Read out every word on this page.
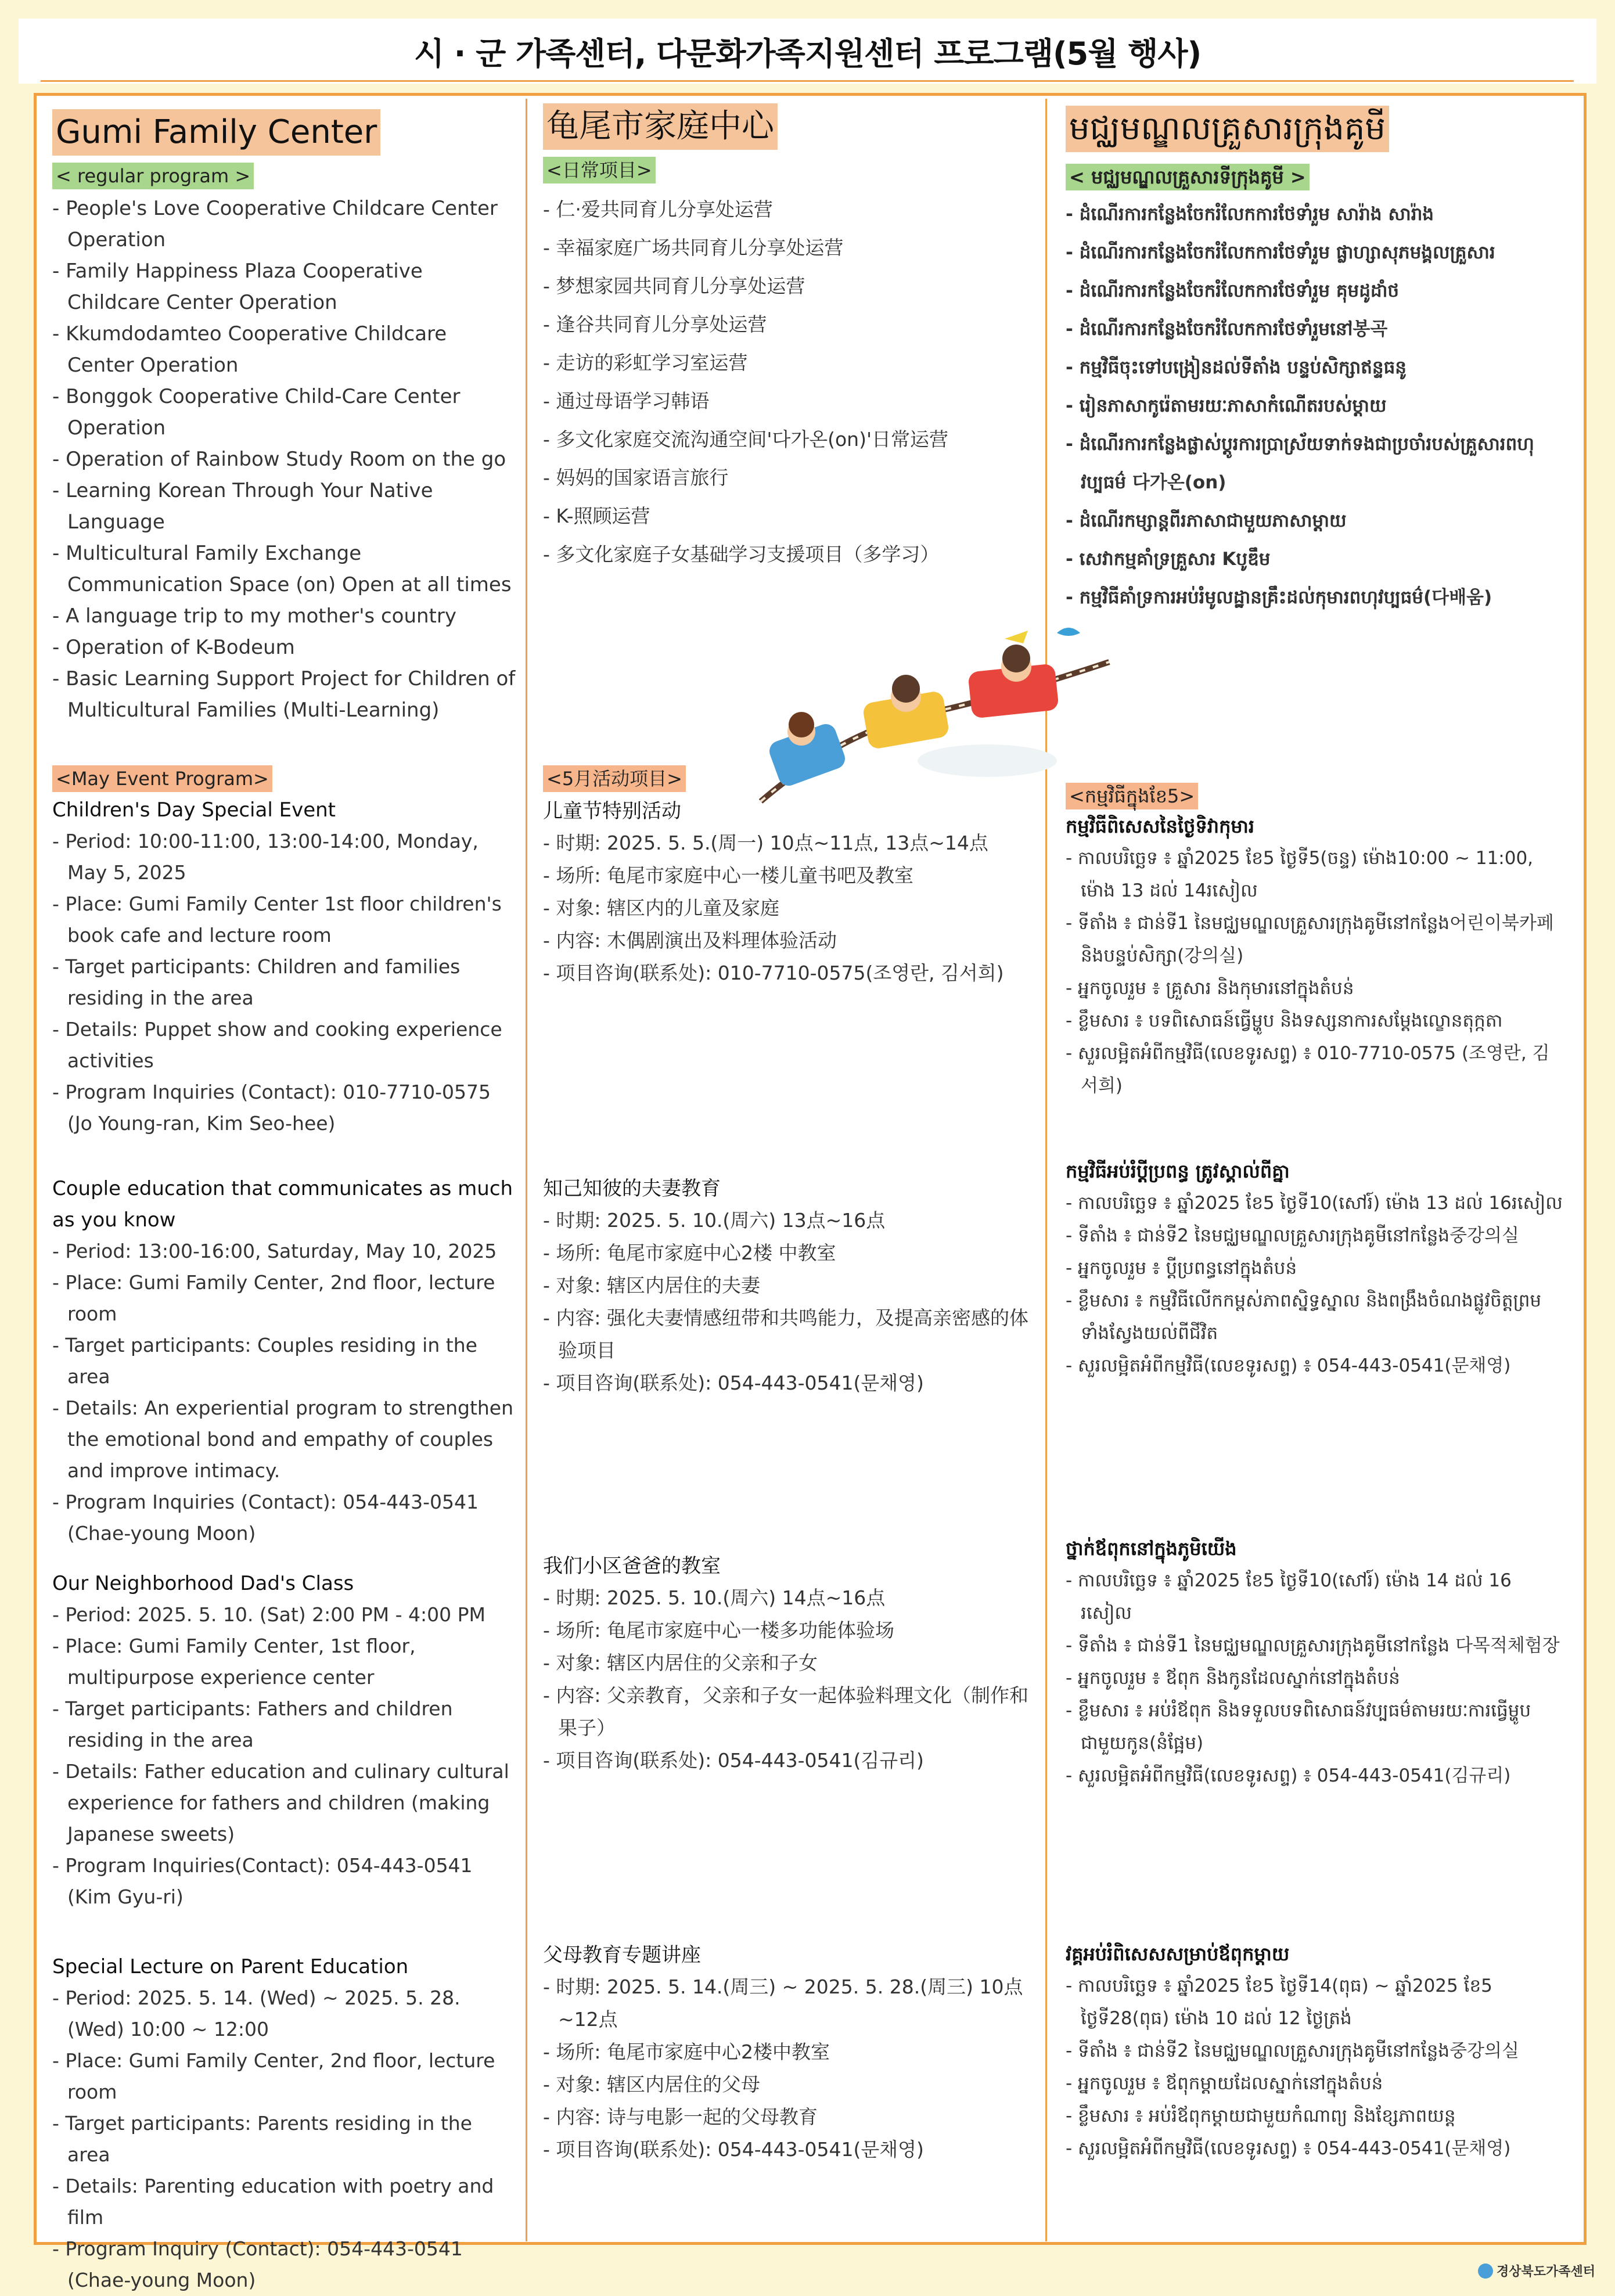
시 · 군 가족센터, 다문화가족지원센터 프로그램(5월 행사)
Gumi Family Center
< regular program >
- People's Love Cooperative Childcare Center Operation
- Family Happiness Plaza Cooperative Childcare Center Operation
- Kkumdodamteo Cooperative Childcare Center Operation
- Bonggok Cooperative Child-Care Center Operation
- Operation of Rainbow Study Room on the go
- Learning Korean Through Your Native Language
- Multicultural Family Exchange Communication Space (on) Open at all times
- A language trip to my mother's country
- Operation of K-Bodeum
- Basic Learning Support Project for Children of Multicultural Families (Multi-Learning)
<May Event Program>
Children's Day Special Event
- Period: 10:00-11:00, 13:00-14:00, Monday, May 5, 2025
- Place: Gumi Family Center 1st floor children's book cafe and lecture room
- Target participants: Children and families residing in the area
- Details: Puppet show and cooking experience activities
- Program Inquiries (Contact): 010-7710-0575 (Jo Young-ran, Kim Seo-hee)
Couple education that communicates as much as you know
- Period: 13:00-16:00, Saturday, May 10, 2025
- Place: Gumi Family Center, 2nd floor, lecture room
- Target participants: Couples residing in the area
- Details: An experiential program to strengthen the emotional bond and empathy of couples and improve intimacy.
- Program Inquiries (Contact): 054-443-0541 (Chae-young Moon)
Our Neighborhood Dad's Class
- Period: 2025. 5. 10. (Sat) 2:00 PM - 4:00 PM
- Place: Gumi Family Center, 1st floor, multipurpose experience center
- Target participants: Fathers and children residing in the area
- Details: Father education and culinary cultural experience for fathers and children (making Japanese sweets)
- Program Inquiries(Contact): 054-443-0541 (Kim Gyu-ri)
Special Lecture on Parent Education
- Period: 2025. 5. 14. (Wed) ~ 2025. 5. 28. (Wed) 10:00 ~ 12:00
- Place: Gumi Family Center, 2nd floor, lecture room
- Target participants: Parents residing in the area
- Details: Parenting education with poetry and film
- Program Inquiry (Contact): 054-443-0541 (Chae-young Moon)
龟尾市家庭中心
<日常项目>
- 仁·爱共同育儿分享处运营
- 幸福家庭广场共同育儿分享处运营
- 梦想家园共同育儿分享处运营
- 逢谷共同育儿分享处运营
- 走访的彩虹学习室运营
- 通过母语学习韩语
- 多文化家庭交流沟通空间'다가온(on)'日常运营
- 妈妈的国家语言旅行
- K-照顾运营
- 多文化家庭子女基础学习支援项目（多学习）
<5月活动项目>
儿童节特别活动
- 时期: 2025. 5. 5.(周一) 10点~11点, 13点~14点
- 场所: 龟尾市家庭中心一楼儿童书吧及教室
- 对象: 辖区内的儿童及家庭
- 内容: 木偶剧演出及料理体验活动
- 项目咨询(联系处): 010-7710-0575(조영란, 김서희)
知己知彼的夫妻教育
- 时期: 2025. 5. 10.(周六) 13点~16点
- 场所: 龟尾市家庭中心2楼 中教室
- 对象: 辖区内居住的夫妻
- 内容: 强化夫妻情感纽带和共鸣能力，及提高亲密感的体验项目
- 项目咨询(联系处): 054-443-0541(문채영)
我们小区爸爸的教室
- 时期: 2025. 5. 10.(周六) 14点~16点
- 场所: 龟尾市家庭中心一楼多功能体验场
- 对象: 辖区内居住的父亲和子女
- 内容: 父亲教育，父亲和子女一起体验料理文化（制作和果子）
- 项目咨询(联系处): 054-443-0541(김규리)
父母教育专题讲座
- 时期: 2025. 5. 14.(周三) ~ 2025. 5. 28.(周三) 10点~12点
- 场所: 龟尾市家庭中心2楼中教室
- 对象: 辖区内居住的父母
- 内容: 诗与电影一起的父母教育
- 项目咨询(联系处): 054-443-0541(문채영)
មជ្ឈមណ្ឌលគ្រួសារក្រុងគូមី
< មជ្ឈមណ្ឌលគ្រួសារទីក្រុងគូមី >
- ដំណើរការកន្លែងចែករំលែកការថែទាំរួម សារ៉ាង សារ៉ាង
- ដំណើរការកន្លែងចែករំលែកការថែទាំរួម ផ្លាហ្សាសុភមង្គលគ្រួសារ
- ដំណើរការកន្លែងចែករំលែកការថែទាំរួម គុមដូដាំថ
- ដំណើរការកន្លែងចែករំលែកការថែទាំរួមនៅ봉곡
- កម្មវិធីចុះទៅបង្រៀនដល់ទីតាំង បន្ទប់សិក្សាឥន្ទធនូ
- រៀនភាសាកូរ៉េតាមរយៈភាសាកំណើតរបស់ម្ដាយ
- ដំណើរការកន្លែងផ្លាស់ប្ដូរការប្រាស្រ័យទាក់ទងជាប្រចាំរបស់គ្រួសារពហុវប្បធម៌ 다가온(on)
- ដំណើរកម្សាន្តពីរភាសាជាមួយភាសាម្ដាយ
- សេវាកម្មគាំទ្រគ្រួសារ K​បូឌឹម
- កម្មវិធីគាំទ្រការអប់រំមូលដ្ឋានគ្រឹះដល់កុមារពហុវប្បធម៌(다배움)
<កម្មវិធីក្នុងខែ5>
កម្មវិធីពិសេសនៃថ្ងៃទិវាកុមារ
- កាលបរិច្ឆេទ ៖ ឆ្នាំ2025 ខែ5 ថ្ងៃទី5(ចន្ទ) ម៉ោង10:00 ~ 11:00, ម៉ោង 13 ដល់ 14រសៀល
- ទីតាំង ៖ ជាន់ទី1 នៃមជ្ឈមណ្ឌលគ្រួសារក្រុងគូមីនៅកន្លែង어린이북카페 និងបន្ទប់សិក្សា(강의실)
- អ្នកចូលរួម ៖ គ្រួសារ និងកុមារនៅក្នុងតំបន់
- ខ្លឹមសារ ៖ បទពិសោធន៍ធ្វើម្ហូប និងទស្សនាការសម្តែងល្ខោនតុក្កតា
- សួរលម្អិតអំពីកម្មវិធី(លេខទូរសព្ទ) ៖ 010-7710-0575 (조영란, 김서희)
កម្មវិធីអប់រំប្ដីប្រពន្ធ ត្រូវស្គាល់ពីគ្នា
- កាលបរិច្ឆេទ ៖ ឆ្នាំ2025 ខែ5 ថ្ងៃទី10(សៅរ៍) ម៉ោង 13 ដល់ 16រសៀល
- ទីតាំង ៖ ជាន់ទី2 នៃមជ្ឈមណ្ឌលគ្រួសារក្រុងគូមីនៅកន្លែង중강의실
- អ្នកចូលរួម ៖ ប្ដីប្រពន្ធនៅក្នុងតំបន់
- ខ្លឹមសារ ៖ កម្មវិធីលើកកម្ពស់ភាពស្និទ្ធស្នាល និងពង្រឹងចំណងផ្លូវចិត្តព្រមទាំងស្វែងយល់ពីជីវិត
- សួរលម្អិតអំពីកម្មវិធី(លេខទូរសព្ទ) ៖ 054-443-0541(문채영)
ថ្នាក់ឪពុកនៅក្នុងភូមិយើង
- កាលបរិច្ឆេទ ៖ ឆ្នាំ2025 ខែ5 ថ្ងៃទី10(សៅរ៍) ម៉ោង 14 ដល់ 16 រសៀល
- ទីតាំង ៖ ជាន់ទី1 នៃមជ្ឈមណ្ឌលគ្រួសារក្រុងគូមីនៅកន្លែង 다목적체험장
- អ្នកចូលរួម ៖ ឪពុក និងកូនដែលស្នាក់នៅក្នុងតំបន់
- ខ្លឹមសារ ៖ អប់រំឪពុក និងទទួលបទពិសោធន៍វប្បធម៌តាមរយៈការធ្វើម្ហូបជាមួយកូន(នំផ្អែម)
- សួរលម្អិតអំពីកម្មវិធី(លេខទូរសព្ទ) ៖ 054-443-0541(김규리)
វគ្គអប់រំពិសេសសម្រាប់ឪពុកម្ដាយ
- កាលបរិច្ឆេទ ៖ ឆ្នាំ2025 ខែ5 ថ្ងៃទី14(ពុធ) ~ ឆ្នាំ2025 ខែ5 ថ្ងៃទី28(ពុធ) ម៉ោង 10 ដល់ 12 ថ្ងៃត្រង់
- ទីតាំង ៖ ជាន់ទី2 នៃមជ្ឈមណ្ឌលគ្រួសារក្រុងគូមីនៅកន្លែង중강의실
- អ្នកចូលរួម ៖ ឪពុកម្ដាយដែលស្នាក់នៅក្នុងតំបន់
- ខ្លឹមសារ ៖ អប់រំឪពុកម្ដាយជាមួយកំណាព្យ និងខ្សែភាពយន្ត
- សួរលម្អិតអំពីកម្មវិធី(លេខទូរសព្ទ) ៖ 054-443-0541(문채영)
경상북도가족센터
